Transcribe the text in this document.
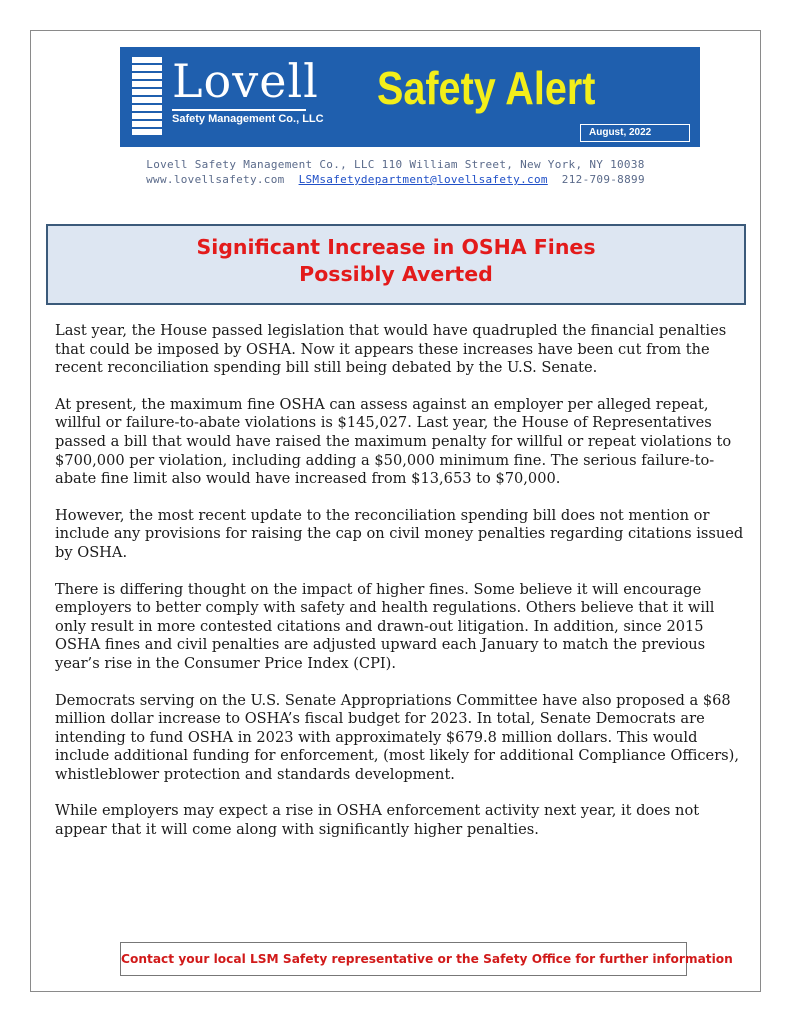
Lovell
Safety Management Co., LLC
Safety Alert
August, 2022
Lovell Safety Management Co., LLC 110 William Street, New York, NY 10038
www.lovellsafety.com LSMsafetydepartment@lovellsafety.com 212-709-8899
Significant Increase in OSHA Fines
Possibly Averted

Last year, the House passed legislation that would have quadrupled the financial penalties that could be imposed by OSHA. Now it appears these increases have been cut from the recent reconciliation spending bill still being debated by the U.S. Senate.

At present, the maximum fine OSHA can assess against an employer per alleged repeat, willful or failure-to-abate violations is $145,027. Last year, the House of Representatives passed a bill that would have raised the maximum penalty for willful or repeat violations to $700,000 per violation, including adding a $50,000 minimum fine. The serious failure-to-abate fine limit also would have increased from $13,653 to $70,000.

However, the most recent update to the reconciliation spending bill does not mention or include any provisions for raising the cap on civil money penalties regarding citations issued by OSHA.

There is differing thought on the impact of higher fines. Some believe it will encourage employers to better comply with safety and health regulations. Others believe that it will only result in more contested citations and drawn-out litigation. In addition, since 2015 OSHA fines and civil penalties are adjusted upward each January to match the previous year’s rise in the Consumer Price Index (CPI).

Democrats serving on the U.S. Senate Appropriations Committee have also proposed a $68 million dollar increase to OSHA’s fiscal budget for 2023. In total, Senate Democrats are intending to fund OSHA in 2023 with approximately $679.8 million dollars. This would include additional funding for enforcement, (most likely for additional Compliance Officers), whistleblower protection and standards development.

While employers may expect a rise in OSHA enforcement activity next year, it does not appear that it will come along with significantly higher penalties.

Contact your local LSM Safety representative or the Safety Office for further information
